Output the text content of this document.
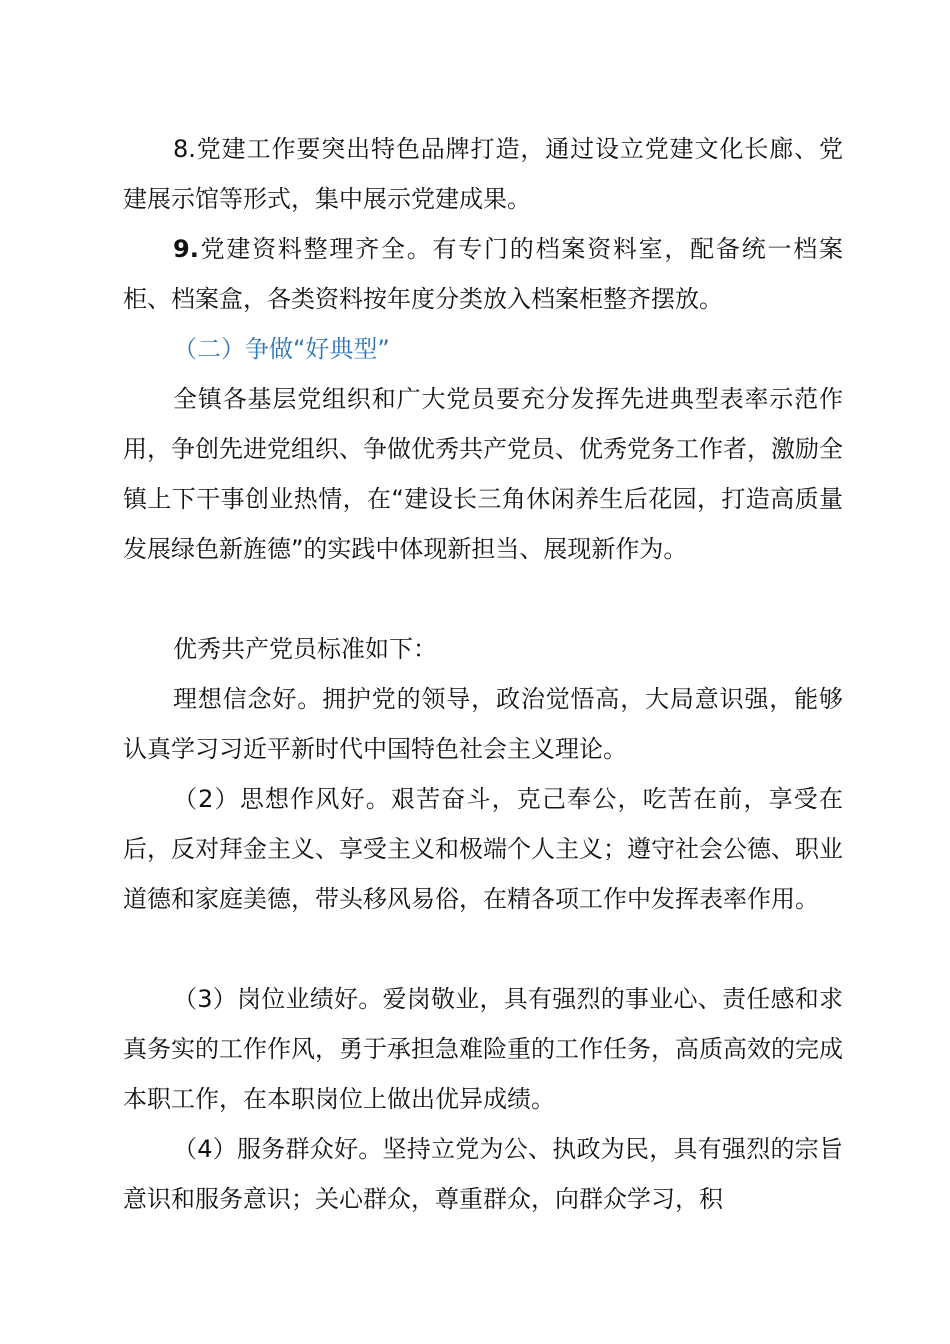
8.党建工作要突出特色品牌打造，通过设立党建文化长廊、党建展示馆等形式，集中展示党建成果。

9.党建资料整理齐全。有专门的档案资料室，配备统一档案柜、档案盒，各类资料按年度分类放入档案柜整齐摆放。

（二）争做“好典型”

全镇各基层党组织和广大党员要充分发挥先进典型表率示范作用，争创先进党组织、争做优秀共产党员、优秀党务工作者，激励全镇上下干事创业热情，在“建设长三角休闲养生后花园，打造高质量发展绿色新旌德”的实践中体现新担当、展现新作为。

优秀共产党员标准如下：

理想信念好。拥护党的领导，政治觉悟高，大局意识强，能够认真学习习近平新时代中国特色社会主义理论。

（2）思想作风好。艰苦奋斗，克己奉公，吃苦在前，享受在后，反对拜金主义、享受主义和极端个人主义；遵守社会公德、职业道德和家庭美德，带头移风易俗，在精各项工作中发挥表率作用。

（3）岗位业绩好。爱岗敬业，具有强烈的事业心、责任感和求真务实的工作作风，勇于承担急难险重的工作任务，高质高效的完成本职工作，在本职岗位上做出优异成绩。

（4）服务群众好。坚持立党为公、执政为民，具有强烈的宗旨意识和服务意识；关心群众，尊重群众，向群众学习，积
